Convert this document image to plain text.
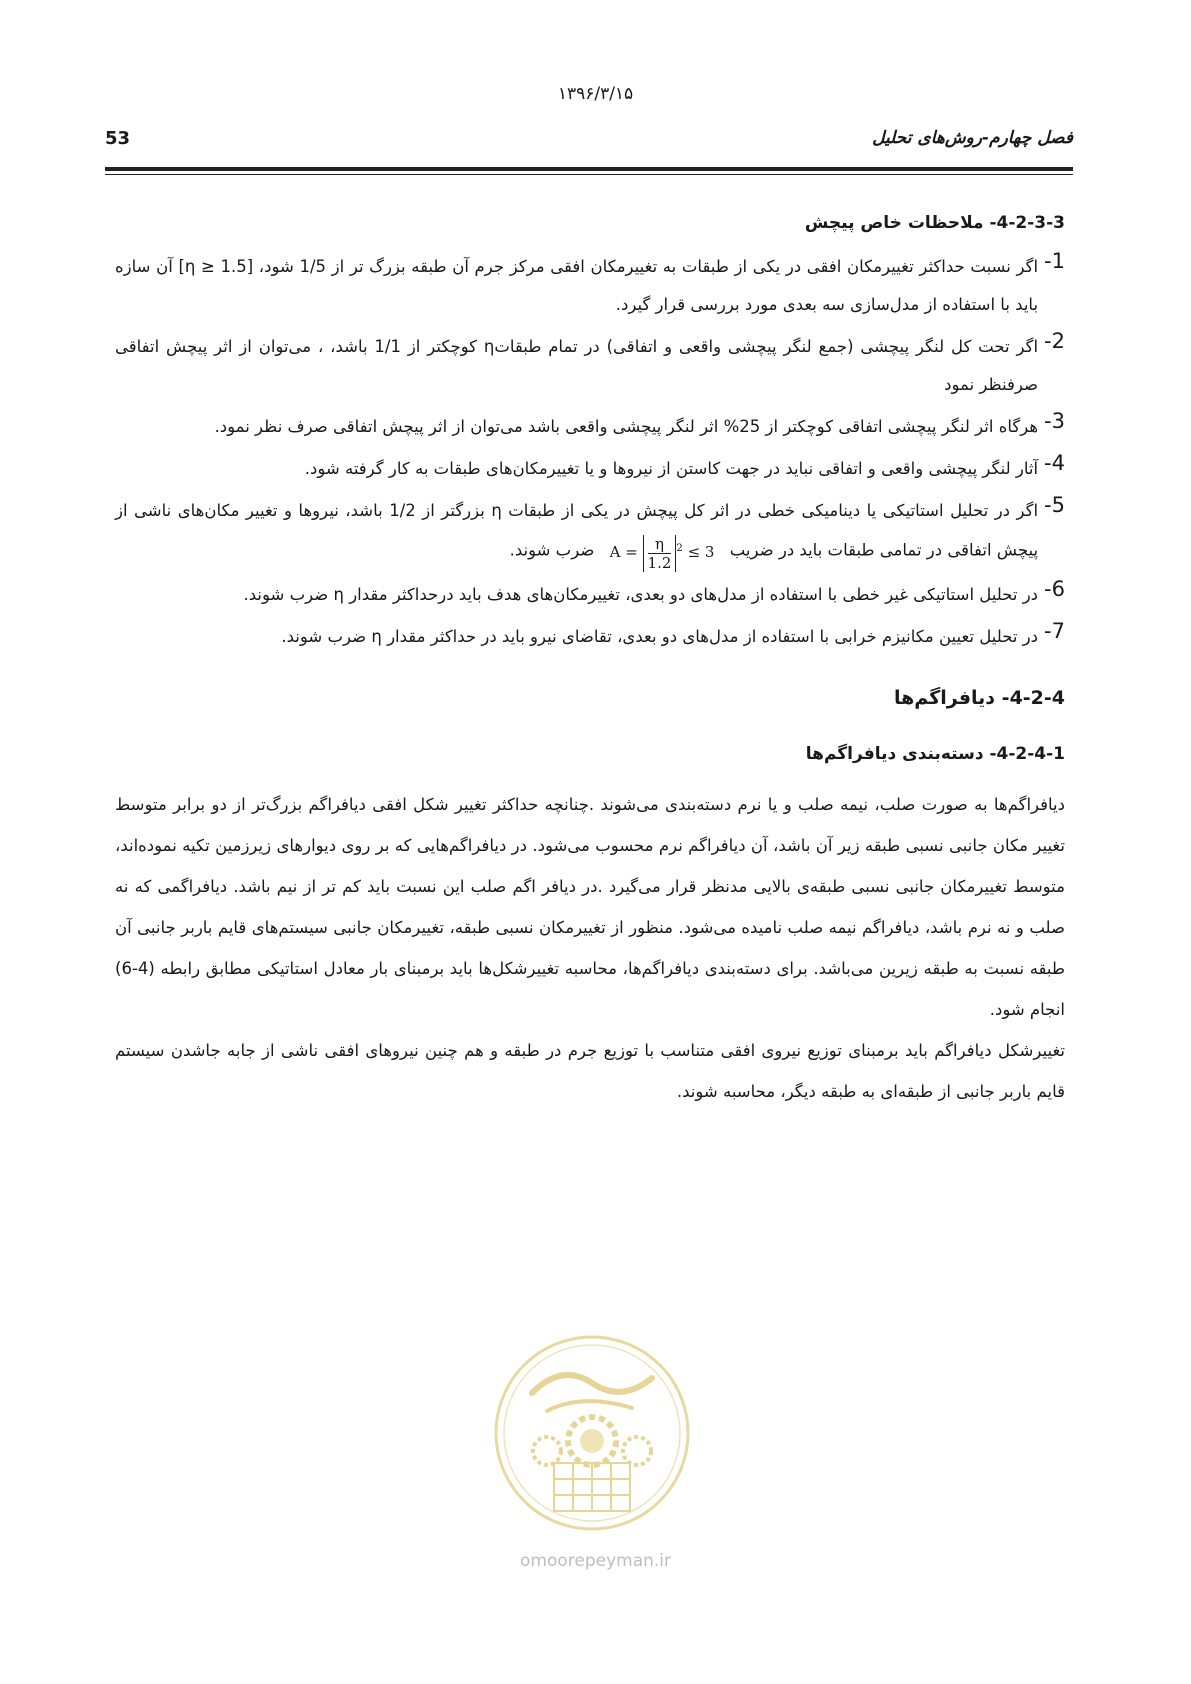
۱۳۹۶/۳/۱۵
فصل چهارم-روش‌های تحلیل
53
4-2-3-3- ملاحظات خاص پیچش
1-
اگر نسبت حداکثر تغییرمکان افقی در یکی از طبقات به تغییرمکان افقی مرکز جرم آن طبقه بزرگ تر از 1/5 شود، [η ≥ 1.5] آن سازه باید با استفاده از مدل‌سازی سه بعدی مورد بررسی قرار گیرد.
2-
اگر تحت کل لنگر پیچشی (جمع لنگر پیچشی واقعی و اتفاقی) در تمام طبقاتη کوچکتر از 1/1 باشد، ، می‌توان از اثر پیچش اتفاقی صرفنظر نمود
3-
هرگاه اثر لنگر پیچشی اتفاقی کوچکتر از 25% اثر لنگر پیچشی واقعی باشد می‌توان از اثر پیچش اتفاقی صرف نظر نمود.
4-
آثار لنگر پیچشی واقعی و اتفاقی نباید در جهت کاستن از نیروها و یا تغییرمکان‌های طبقات به کار گرفته شود.
5-
اگر در تحلیل استاتیکی یا دینامیکی خطی در اثر کل پیچش در یکی از طبقات η بزرگتر از 1/2 باشد، نیروها و تغییر مکان‌های ناشی از پیچش اتفاقی در تمامی طبقات باید در ضریب $A = \frac{\eta}{1.2}^2 \le 3$ ضرب شوند.
6-
در تحلیل استاتیکی غیر خطی با استفاده از مدل‌های دو بعدی، تغییرمکان‌های هدف باید درحداکثر مقدار η ضرب شوند.
7-
در تحلیل تعیین مکانیزم خرابی با استفاده از مدل‌های دو بعدی، تقاضای نیرو باید در حداکثر مقدار η ضرب شوند.
4-2-4- دیافراگم‌ها
4-2-4-1- دسته‌بندی دیافراگم‌ها

دیافراگم‌ها به صورت صلب، نیمه صلب و یا نرم دسته‌بندی می‌شوند .چنانچه حداکثر تغییر شکل افقی دیافراگم بزرگ‌تر از دو برابر متوسط تغییر مکان جانبی نسبی طبقه زیر آن باشد، آن دیافراگم نرم محسوب می‌شود. در دیافراگم‌هایی که بر روی دیوارهای زیرزمین تکیه نموده‌اند، متوسط تغییرمکان جانبی نسبی طبقه‌ی بالایی مدنظر قرار می‌گیرد .در دیافر اگم صلب این نسبت باید کم تر از نیم باشد. دیافراگمی که نه صلب و نه نرم باشد، دیافراگم نیمه صلب نامیده می‌شود. منظور از تغییرمکان نسبی طبقه، تغییرمکان جانبی سیستم‌های قایم باربر جانبی آن طبقه نسبت به طبقه زیرین می‌باشد. برای دسته‌بندی دیافراگم‌ها، محاسبه تغییرشکل‌ها باید برمبنای بار معادل استاتیکی مطابق رابطه (4-6) انجام شود.

تغییرشکل دیافراگم باید برمبنای توزیع نیروی افقی متناسب با توزیع جرم در طبقه و هم چنین نیروهای افقی ناشی از جابه جاشدن سیستم قایم باربر جانبی از طبقه‌ای به طبقه دیگر، محاسبه شوند.

omoorepeyman.ir
